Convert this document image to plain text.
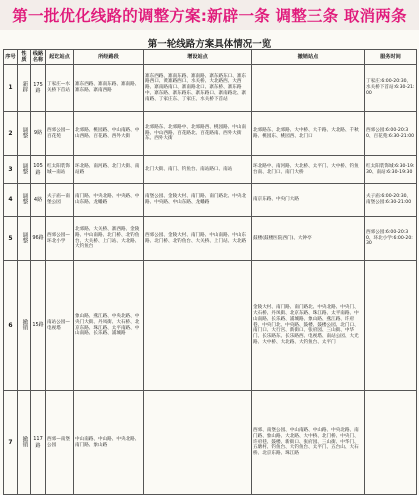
第一批优化线路的调整方案:新辟一条 调整三条 取消两条
第一轮线路方案具体情况一览
序号	性质	线路名称	起讫站点	所经路段	增设站点	撤销站点	服务时间
1	新辟	175路	丁家庄—水关桥下首站	寨东西路、寨南东路、寨南路、寨东路、寨南西路	寨东西路、寨南东路、寨南路、寨东路东口、寨东路西口、黄寨路西口、水关桥、大北路西、大西路、寨南路南口、寨南路北口、寨东桥、寨东路中、寨东路、寨东路东、寨东路口、寨南路北、寨南路、丁家庄东、丁家庄、水关桥下首站		丁家庄:6:00-20:30、水关桥下首站:6:30-21:00
2	调整	9路	西郊公园—百花苑	北郊路、桃园路、中山南路、中山西路、百花路、西外大街	北郊路东、北郊路中、北郊路西、桃园路、中山南路、中山西路、百花路北、百花路南、西外大街东、西外大街	北郊路东、北郊路、大中桥、大千路、大北路、千秋路、桃园东、桃园西、北门口	西郊公园:6:00-20:30、百花苑:6:30-21:00
3	调整	105路	红太阳装饰城—南站	环北路、南河路、北门大街、南站路	北门大街、南门、钓鱼台、南站路口、南站	环北路中、南河路、大北桥、太平门、大中桥、钓鱼台南、北门口、南门大桥	红太阳装饰城:6:30-19:30、南站:6:30-19:30
4	调整	4路	夫子庙—南堡公园	南门路、中央北路、中央路、中山东路、龙蟠路	南堡公园、金陵大村、南门路、南门路北、中央北路、中央路、中山东路、龙蟠路	南京东路、中央门大路	夫子庙:6:00-20:30、南堡公园:6:30-21:00
5	调整	96路	西郊公园—环北小学	北郊路、大关桥、寨西路、金陵路、中山南路、北门桥、北钓鱼台、大关桥、上门站、大北路、大钓鱼台	西郊公园、金陵大村、南门路、中山南路、中山东路、北门桥、北钓鱼台、大关桥、上门站、大北路	鼓楼(鼓楼医院西门)、大钟亭	西郊公园:6:00-20:30、环北小学:6:00-20:30
6	撤销	15路	南站公园—电视塔	象山路、燕江路、中央北路、中央门大街、丹凤街、大石桥、北京东路、珠江路、太平南路、中山南路、长乐路、浦城路		金陵大村、南门路、南门路北、中央北路、中央门、大石桥、丹凤街、北京东路、珠江路、太平南路、中山南路、长乐路、浦城路、象山路、燕江路、许府巷、中央门北、中央路、鼓楼、鼓楼公园、北门口、南门口、大行宫、新街口、张府园、三山街、中华门、长乐路东、长乐路西、电视塔、南站公园、大光路、大中桥、大北路、大钓鱼台、太平门	
7	撤销	117路	西郊—南堡公园	中山南路、中山路、中央北路、南门路、象山路		西郊、南堡公园、中山南路、中山路、中央北路、南门路、象山路、大北路、大中桥、北门桥、中央门、许府巷、鼓楼、新街口、张府园、三山街、中华门、五塘村、钓鱼台、大钓鱼台、太平门、五台山、大石桥、北京东路、珠江路	
